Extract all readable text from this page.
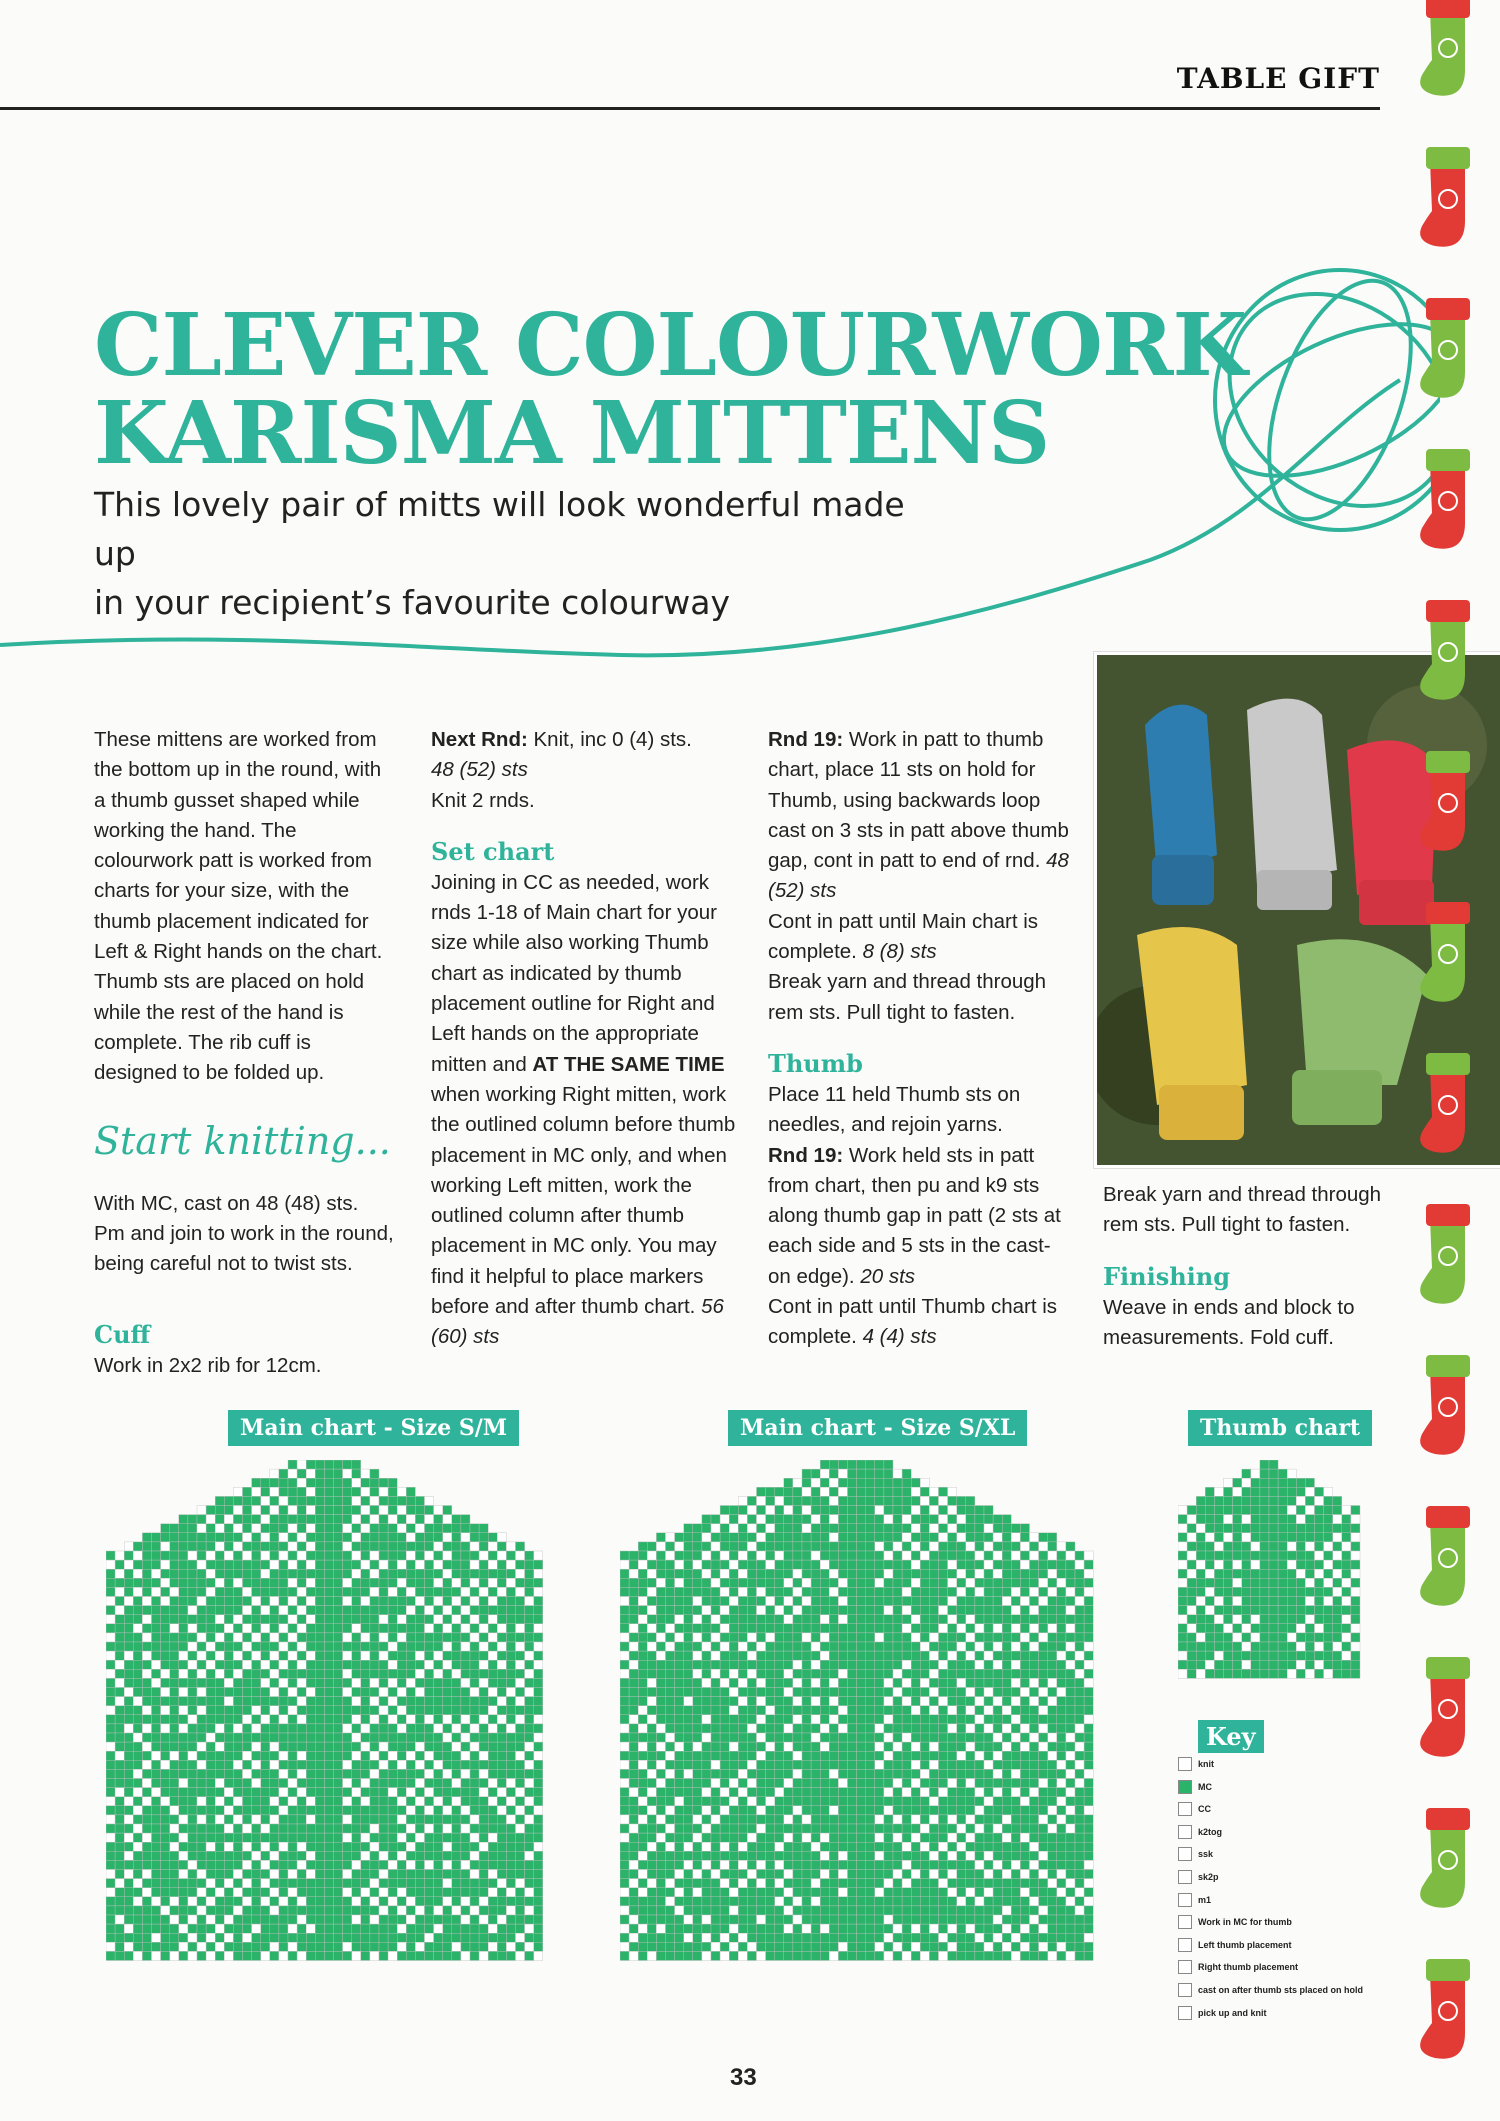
TABLE GIFT
CLEVER COLOURWORK
KARISMA MITTENS
This lovely pair of mitts will look wonderful made up
in your recipient’s favourite colourway

These mittens are worked from the bottom up in the round, with a thumb gusset shaped while working the hand. The colourwork patt is worked from charts for your size, with the thumb placement indicated for Left & Right hands on the chart. Thumb sts are placed on hold while the rest of the hand is complete. The rib cuff is designed to be folded up.

Start knitting...

With MC, cast on 48 (48) sts. Pm and join to work in the round, being careful not to twist sts.

Cuff

Work in 2x2 rib for 12cm.

Next Rnd: Knit, inc 0 (4) sts.

48 (52) sts

Knit 2 rnds.

Set chart

Joining in CC as needed, work rnds 1-18 of Main chart for your size while also working Thumb chart as indicated by thumb placement outline for Right and Left hands on the appropriate mitten and AT THE SAME TIME when working Right mitten, work the outlined column before thumb placement in MC only, and when working Left mitten, work the outlined column after thumb placement in MC only. You may find it helpful to place markers before and after thumb chart. 56 (60) sts

Rnd 19: Work in patt to thumb chart, place 11 sts on hold for Thumb, using backwards loop cast on 3 sts in patt above thumb gap, cont in patt to end of rnd. 48 (52) sts

Cont in patt until Main chart is complete. 8 (8) sts

Break yarn and thread through rem sts. Pull tight to fasten.

Thumb

Place 11 held Thumb sts on needles, and rejoin yarns.

Rnd 19: Work held sts in patt from chart, then pu and k9 sts along thumb gap in patt (2 sts at each side and 5 sts in the cast-on edge). 20 sts

Cont in patt until Thumb chart is complete. 4 (4) sts

Break yarn and thread through rem sts. Pull tight to fasten.

Finishing

Weave in ends and block to measurements. Fold cuff.

Main chart - Size S/M	Main chart - Size S/XL	Thumb chart
Key
knit
MC
CC
k2tog
ssk
sk2p
m1
Work in MC for thumb
Left thumb placement
Right thumb placement
cast on after thumb sts placed on hold
pick up and knit
33
